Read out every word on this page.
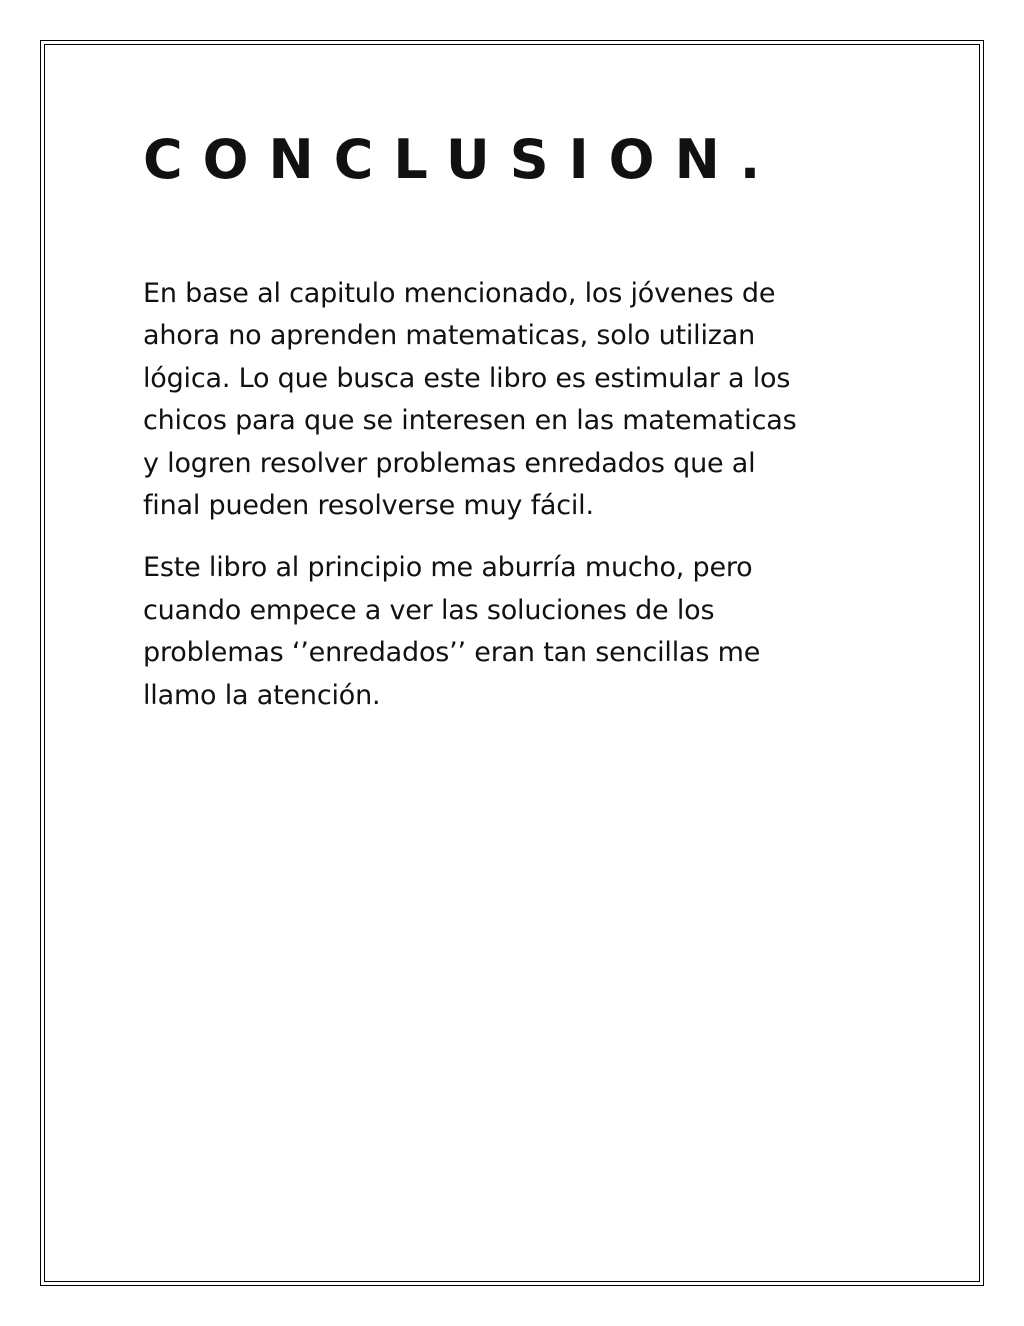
CONCLUSION.

En base al capitulo mencionado, los jóvenes de
ahora no aprenden matematicas, solo utilizan
lógica. Lo que busca este libro es estimular a los
chicos para que se interesen en las matematicas
y logren resolver problemas enredados que al
final pueden resolverse muy fácil.

Este libro al principio me aburría mucho, pero
cuando empece a ver las soluciones de los
problemas ‘’enredados’’ eran tan sencillas me
llamo la atención.
